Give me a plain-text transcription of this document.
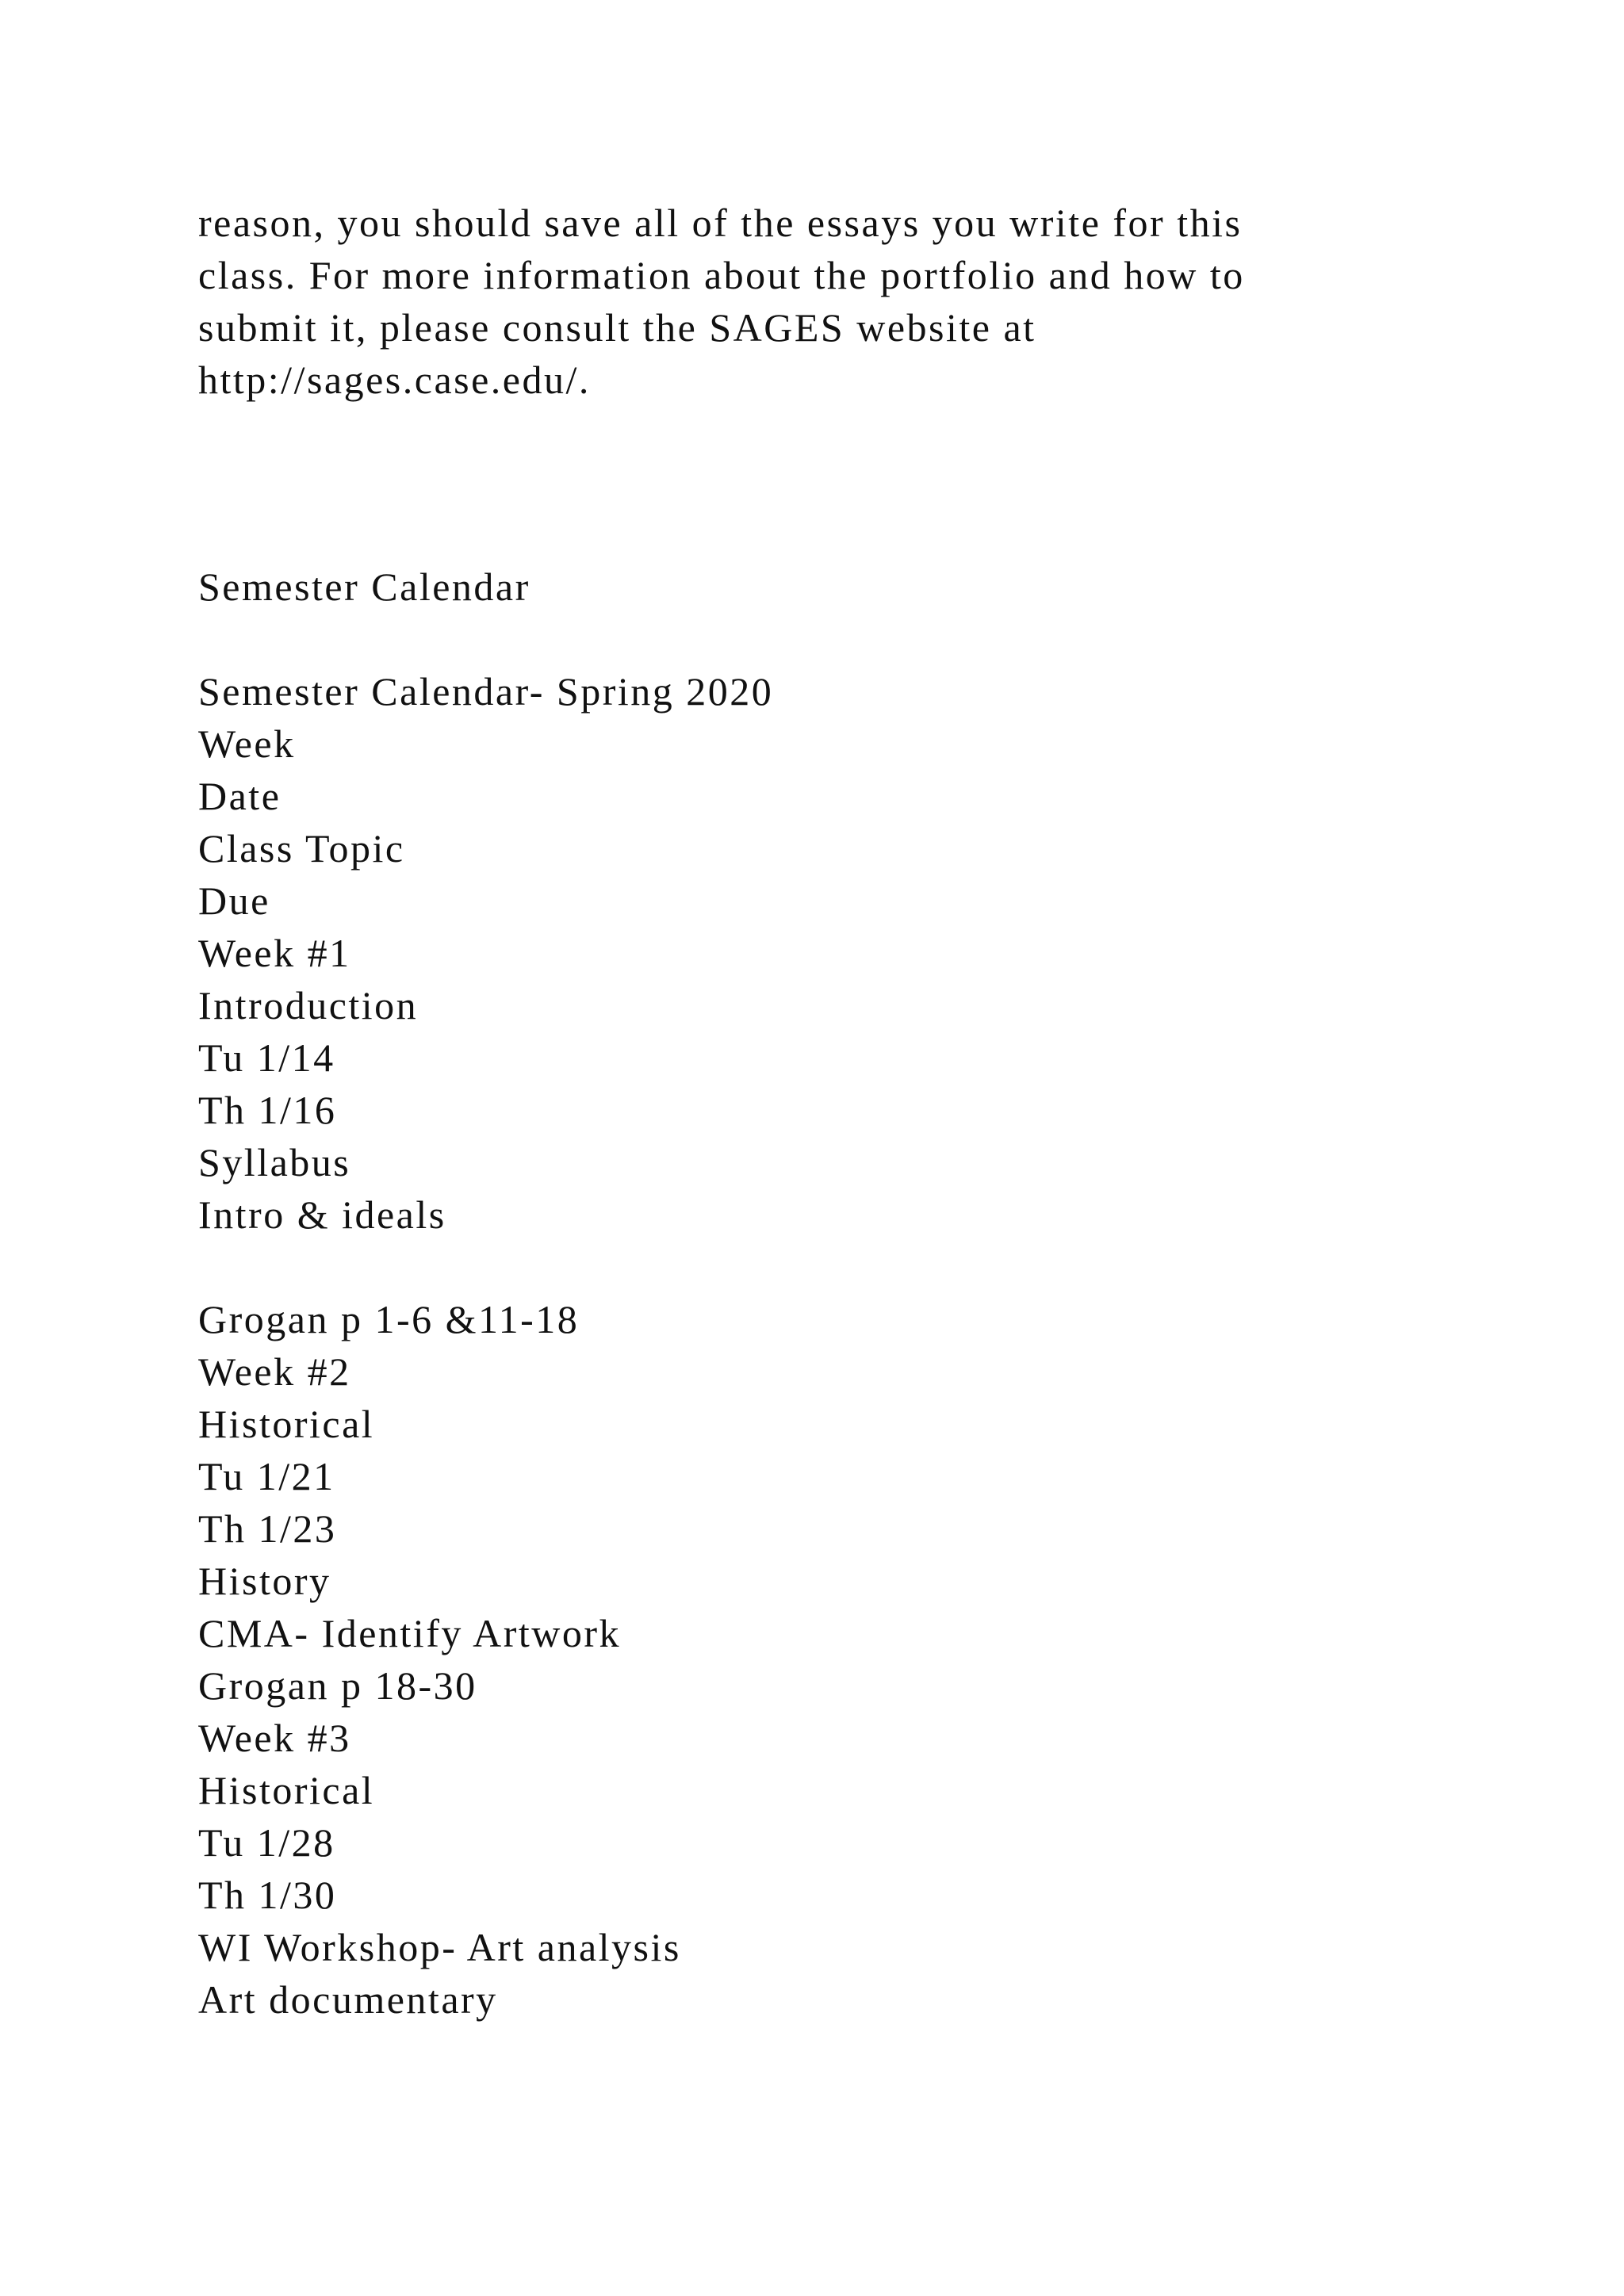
reason, you should save all of the essays you write for this
class. For more information about the portfolio and how to
submit it, please consult the SAGES website at
http://sages.case.edu/.
Semester Calendar
Semester Calendar- Spring 2020
Week
Date
Class Topic
Due
Week #1
Introduction
Tu 1/14
Th 1/16
Syllabus
Intro & ideals
Grogan p 1-6 &11-18
Week #2
Historical
Tu 1/21
Th 1/23
History
CMA- Identify Artwork
Grogan p 18-30
Week #3
Historical
Tu 1/28
Th 1/30
WI Workshop- Art analysis
Art documentary
